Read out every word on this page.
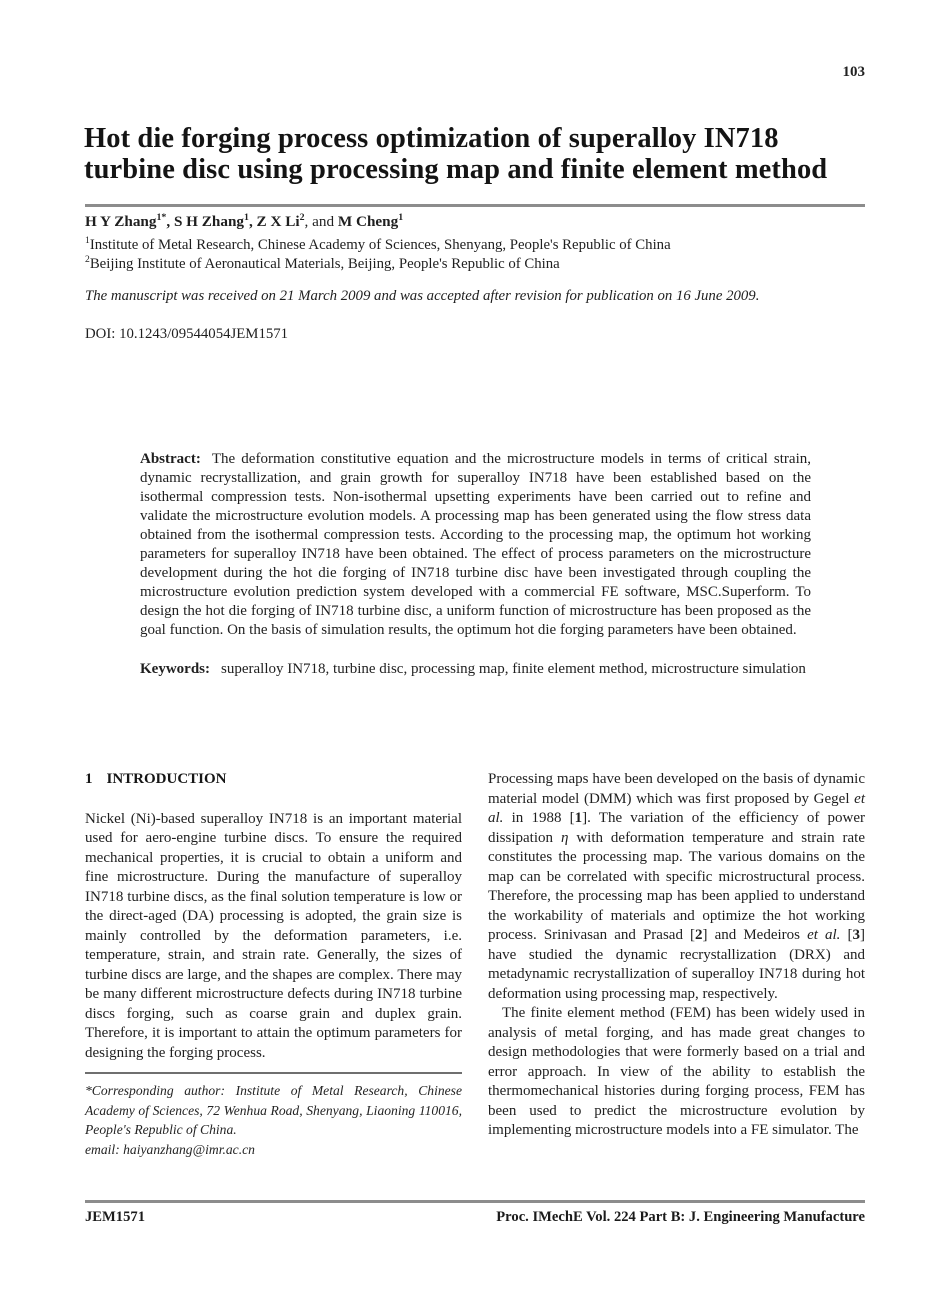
103
Hot die forging process optimization of superalloy IN718 turbine disc using processing map and finite element method

H Y Zhang$^{1*}$, S H Zhang$^1$, Z X Li$^2$, and M Cheng$^1$

$^1$Institute of Metal Research, Chinese Academy of Sciences, Shenyang, People's Republic of China

$^2$Beijing Institute of Aeronautical Materials, Beijing, People's Republic of China

The manuscript was received on 21 March 2009 and was accepted after revision for publication on 16 June 2009.

DOI: 10.1243/09544054JEM1571

Abstract: The deformation constitutive equation and the microstructure models in terms of critical strain, dynamic recrystallization, and grain growth for superalloy IN718 have been established based on the isothermal compression tests. Non-isothermal upsetting experiments have been carried out to refine and validate the microstructure evolution models. A processing map has been generated using the flow stress data obtained from the isothermal compression tests. According to the processing map, the optimum hot working parameters for superalloy IN718 have been obtained. The effect of process parameters on the microstructure development during the hot die forging of IN718 turbine disc have been investigated through coupling the microstructure evolution prediction system developed with a commercial FE software, MSC.Superform. To design the hot die forging of IN718 turbine disc, a uniform function of microstructure has been proposed as the goal function. On the basis of simulation results, the optimum hot die forging parameters have been obtained.

Keywords: superalloy IN718, turbine disc, processing map, finite element method, microstructure simulation

1 INTRODUCTION

Nickel (Ni)-based superalloy IN718 is an important material used for aero-engine turbine discs. To ensure the required mechanical properties, it is crucial to obtain a uniform and fine microstructure. During the manufacture of superalloy IN718 turbine discs, as the final solution temperature is low or the direct-aged (DA) processing is adopted, the grain size is mainly controlled by the deformation parameters, i.e. temperature, strain, and strain rate. Generally, the sizes of turbine discs are large, and the shapes are complex. There may be many different microstructure defects during IN718 turbine discs forging, such as coarse grain and duplex grain. Therefore, it is important to attain the optimum parameters for designing the forging process.

*Corresponding author: Institute of Metal Research, Chinese Academy of Sciences, 72 Wenhua Road, Shenyang, Liaoning 110016, People's Republic of China.

email: haiyanzhang@imr.ac.cn

Processing maps have been developed on the basis of dynamic material model (DMM) which was first proposed by Gegel et al. in 1988 [1]. The variation of the efficiency of power dissipation η with deformation temperature and strain rate constitutes the processing map. The various domains on the map can be correlated with specific microstructural process. Therefore, the processing map has been applied to understand the workability of materials and optimize the hot working process. Srinivasan and Prasad [2] and Medeiros et al. [3] have studied the dynamic recrystallization (DRX) and metadynamic recrystallization of superalloy IN718 during hot deformation using processing map, respectively.

The finite element method (FEM) has been widely used in analysis of metal forging, and has made great changes to design methodologies that were formerly based on a trial and error approach. In view of the ability to establish the thermomechanical histories during forging process, FEM has been used to predict the microstructure evolution by implementing microstructure models into a FE simulator. The

JEM1571	Proc. IMechE Vol. 224 Part B: J. Engineering Manufacture
